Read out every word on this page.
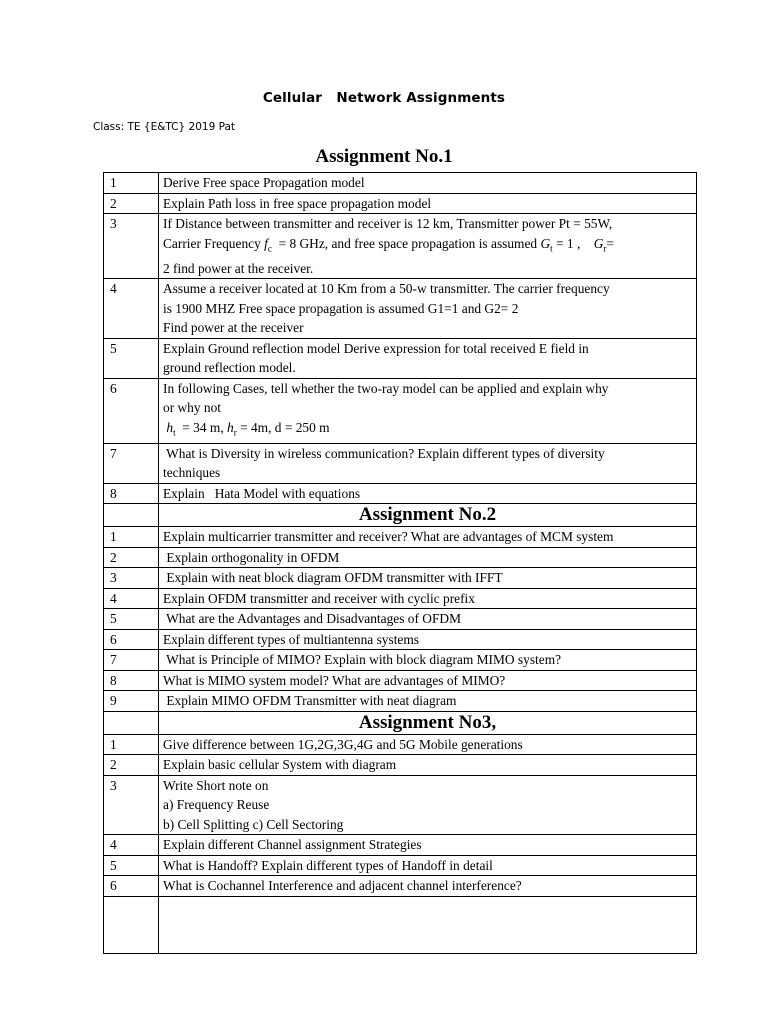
Cellular   Network Assignments
Class: TE {E&TC} 2019 Pat
Assignment No.1
1	Derive Free space Propagation model
2	Explain Path loss in free space propagation model
3	If Distance between transmitter and receiver is 12 km, Transmitter power Pt = 55W,
Carrier Frequency $f_c = 8$ GHz, and free space propagation is assumed $G_t = 1$ ,    $G_r=$
2 find power at the receiver.

4	Assume a receiver located at 10 Km from a 50-w transmitter. The carrier frequency
is 1900 MHZ Free space propagation is assumed G1=1 and G2= 2
Find power at the receiver

5	Explain Ground reflection model Derive expression for total received E field in
ground reflection model.

6	In following Cases, tell whether the two-ray model can be applied and explain why
or why not
$h_t = 34$ m, $h_r = 4m$, d = 250 m

7	What is Diversity in wireless communication? Explain different types of diversity
techniques

8	Explain   Hata Model with equations
	Assignment No.2
1	Explain multicarrier transmitter and receiver? What are advantages of MCM system
2	Explain orthogonality in OFDM
3	Explain with neat block diagram OFDM transmitter with IFFT
4	Explain OFDM transmitter and receiver with cyclic prefix
5	What are the Advantages and Disadvantages of OFDM
6	Explain different types of multiantenna systems
7	What is Principle of MIMO? Explain with block diagram MIMO system?
8	What is MIMO system model? What are advantages of MIMO?
9	Explain MIMO OFDM Transmitter with neat diagram
	Assignment No3,
1	Give difference between 1G,2G,3G,4G and 5G Mobile generations
2	Explain basic cellular System with diagram
3	Write Short note on
a) Frequency Reuse
b) Cell Splitting c) Cell Sectoring

4	Explain different Channel assignment Strategies
5	What is Handoff? Explain different types of Handoff in detail
6	What is Cochannel Interference and adjacent channel interference?
